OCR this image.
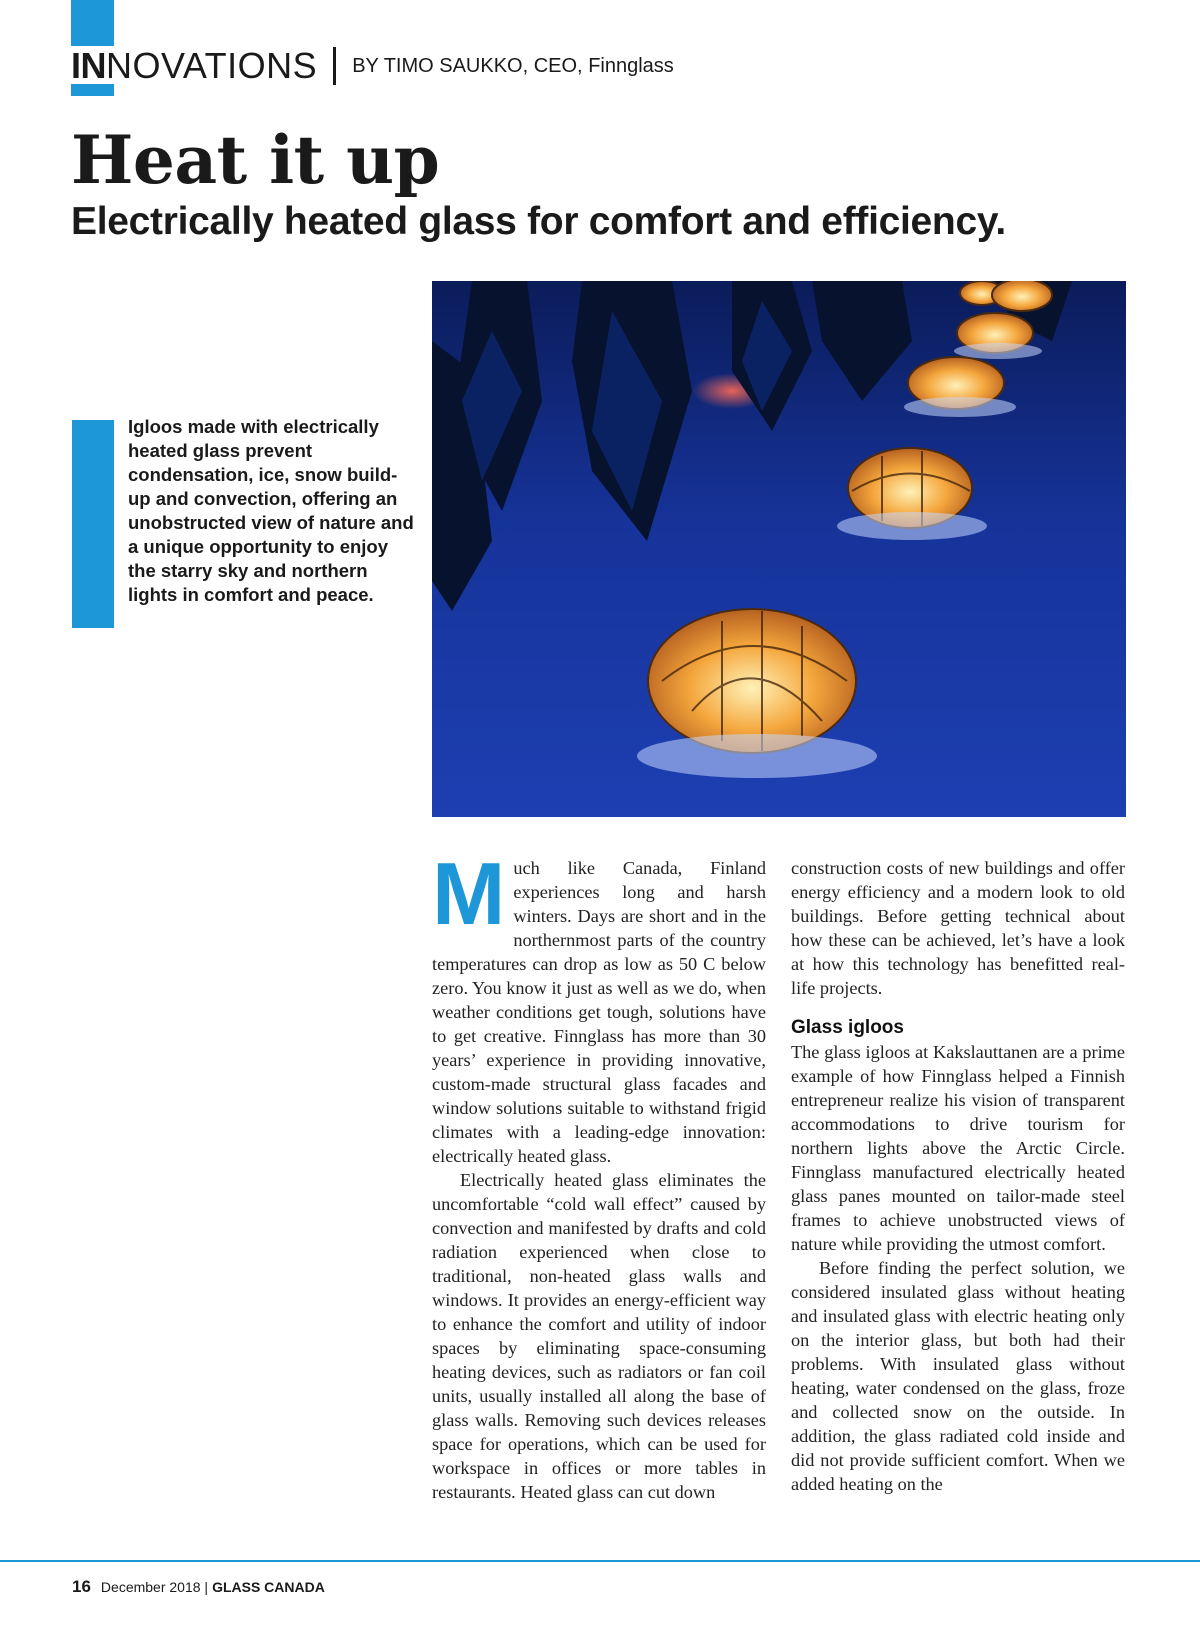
IN NOVATIONS BY TIMO SAUKKO, CEO, Finnglass
Heat it up
Electrically heated glass for comfort and efficiency.

Igloos made with electrically heated glass prevent condensation, ice, snow build-up and convection, offering an unobstructed view of nature and a unique opportunity to enjoy the starry sky and northern lights in comfort and peace.

Much like Canada, Finland experiences long and harsh winters. Days are short and in the northernmost parts of the country temperatures can drop as low as 50 C below zero. You know it just as well as we do, when weather conditions get tough, solutions have to get creative. Finnglass has more than 30 years’ experience in providing innovative, custom-made structural glass facades and window solutions suitable to withstand frigid climates with a leading-edge innovation: electrically heated glass.

Electrically heated glass eliminates the uncomfortable “cold wall effect” caused by convection and manifested by drafts and cold radiation experienced when close to traditional, non-heated glass walls and windows. It provides an energy-efficient way to enhance the comfort and utility of indoor spaces by eliminating space-consuming heating devices, such as radiators or fan coil units, usually installed all along the base of glass walls. Removing such devices releases space for operations, which can be used for workspace in offices or more tables in restaurants. Heated glass can cut down

construction costs of new buildings and offer energy efficiency and a modern look to old buildings. Before getting technical about how these can be achieved, let’s have a look at how this technology has benefitted real-life projects.

Glass igloos

The glass igloos at Kakslauttanen are a prime example of how Finnglass helped a Finnish entrepreneur realize his vision of transparent accommodations to drive tourism for northern lights above the Arctic Circle. Finnglass manufactured electrically heated glass panes mounted on tailor-made steel frames to achieve unobstructed views of nature while providing the utmost comfort.

Before finding the perfect solution, we considered insulated glass without heating and insulated glass with electric heating only on the interior glass, but both had their problems. With insulated glass without heating, water condensed on the glass, froze and collected snow on the outside. In addition, the glass radiated cold inside and did not provide sufficient comfort. When we added heating on the

16 December 2018 | GLASS CANADA
